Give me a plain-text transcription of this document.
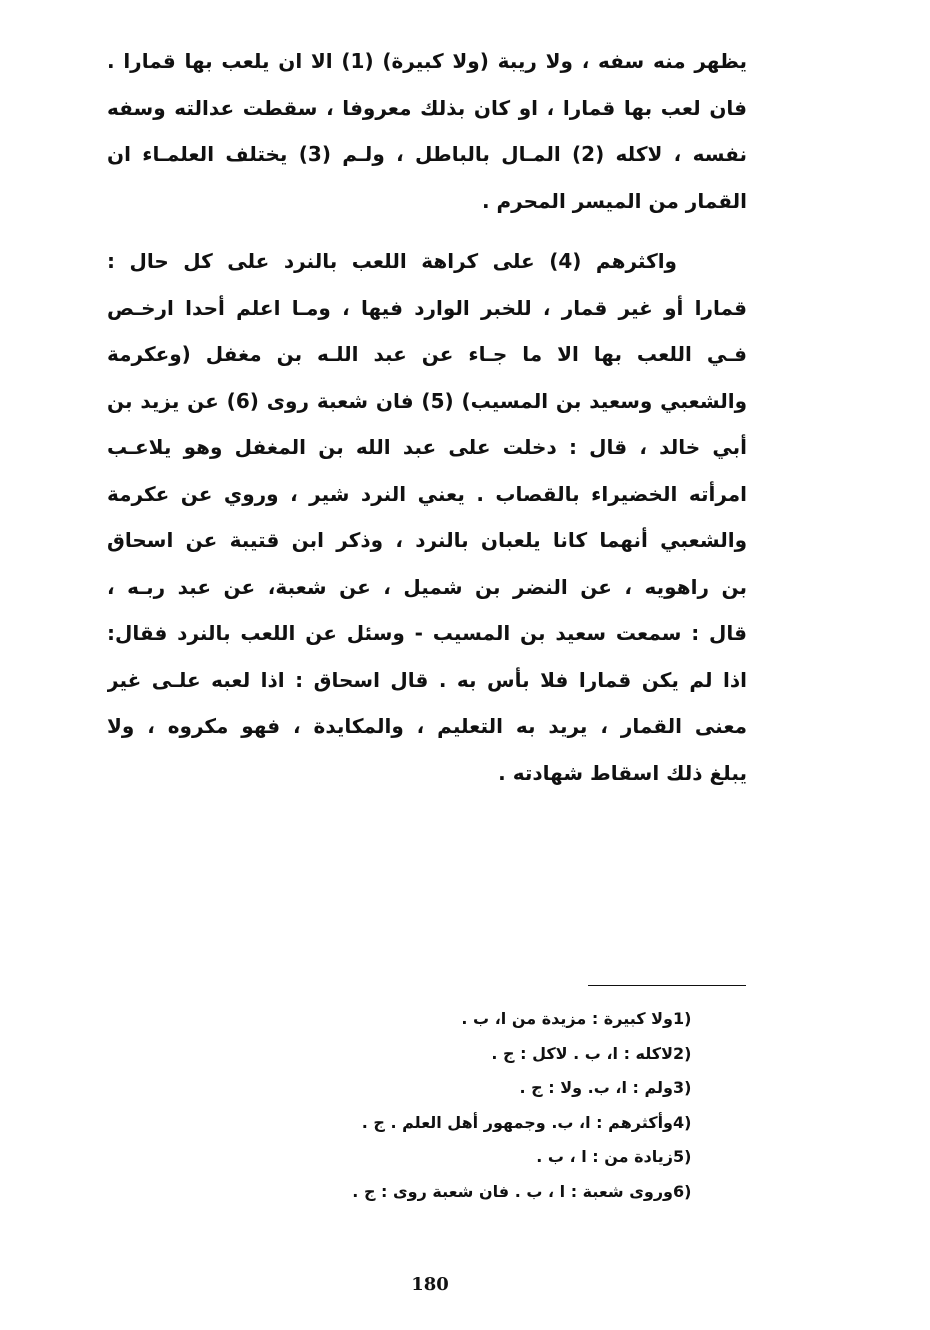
يظهر منه سفه ، ولا ريبة (ولا كبيرة) (1) الا ان يلعب بها قمارا .
فان لعب بها قمارا ، او كان بذلك معروفا ، سقطت عدالته وسفه
نفسه ، لاكله (2) المـال بالباطل ، ولـم (3) يختلف العلمـاء ان
القمار من الميسر المحرم .

واكثرهم (4) على كراهة اللعب بالنرد على كل حال :
قمارا أو غير قمار ، للخبر الوارد فيها ، ومـا اعلم أحدا ارخـص
فـي اللعب بها الا ما جـاء عن عبد اللـه بن مغفل (وعكرمة
والشعبي وسعيد بن المسيب) (5) فان شعبة روى (6) عن يزيد بن
أبي خالد ، قال : دخلت على عبد الله بن المغفل وهو يلاعـب
امرأته الخضيراء بالقصاب . يعني النرد شير ، وروي عن عكرمة
والشعبي أنهما كانا يلعبان بالنرد ، وذكر ابن قتيبة عن اسحاق
بن راهويه ، عن النضر بن شميل ، عن شعبة، عن عبد ربـه ،
قال : سمعت سعيد بن المسيب - وسئل عن اللعب بالنرد فقال:
اذا لم يكن قمارا فلا بأس به . قال اسحاق : اذا لعبه علـى غير
معنى القمار ، يريد به التعليم ، والمكايدة ، فهو مكروه ، ولا
يبلغ ذلك اسقاط شهادته .

1)
ولا كبيرة : مزيدة من ا، ب .
2)
لاكله : ا، ب . لاكل : ج .
3)
ولم : ا، ب. ولا : ج .
4)
وأكثرهم : ا، ب. وجمهور أهل العلم . ج .
5)
زيادة من : ا ، ب .
6)
وروى شعبة : ا ، ب . فان شعبة روى : ج .
180
